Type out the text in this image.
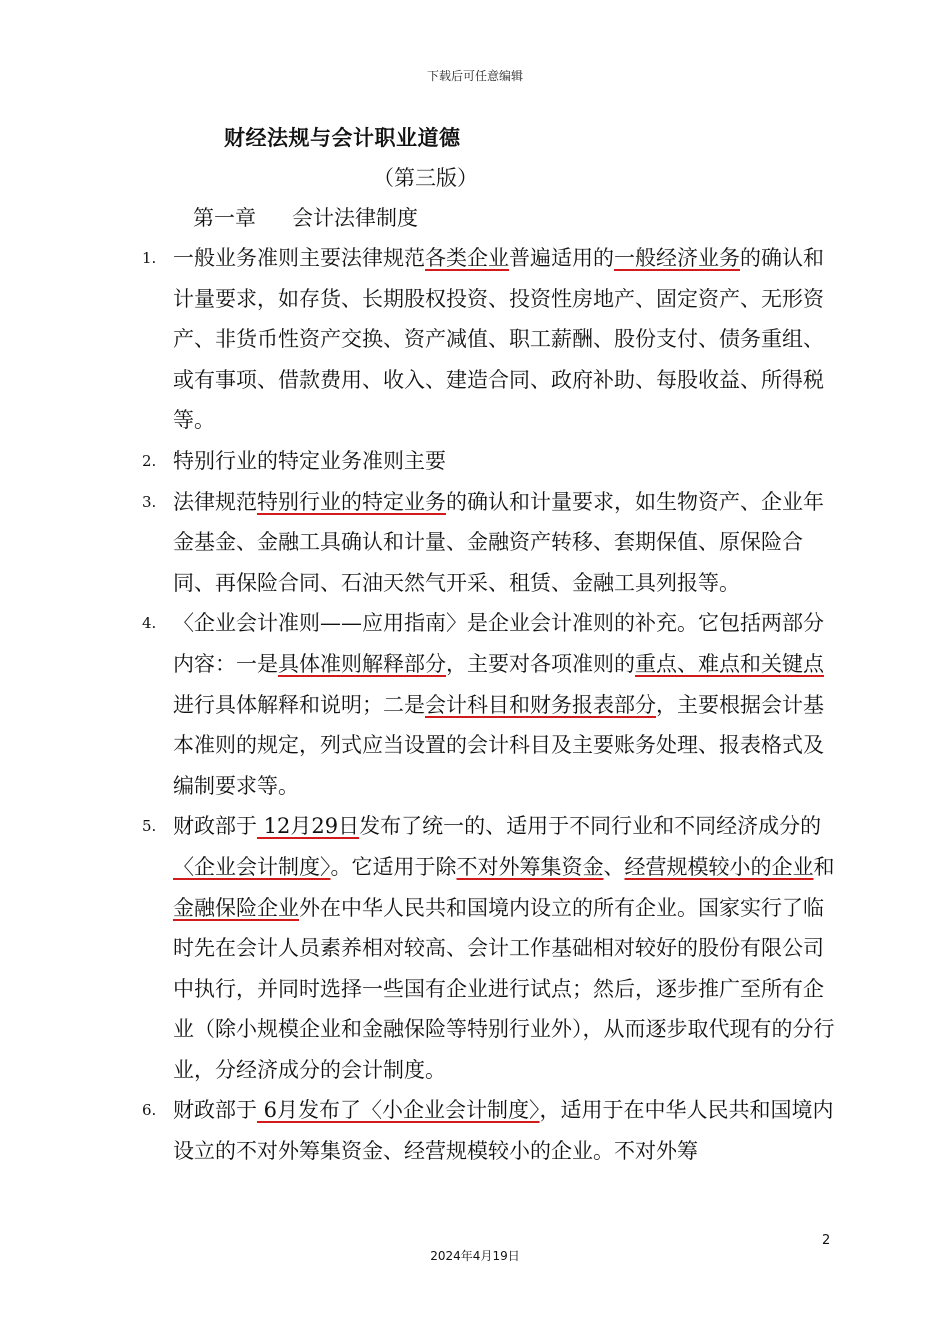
下载后可任意编辑
财经法规与会计职业道德
（第三版）
第一章 会计法律制度
1. 一般业务准则主要法律规范各类企业普遍适用的一般经济业务的确认和计量要求，如存货、长期股权投资、投资性房地产、固定资产、无形资产、非货币性资产交换、资产减值、职工薪酬、股份支付、债务重组、或有事项、借款费用、收入、建造合同、政府补助、每股收益、所得税等。
2. 特别行业的特定业务准则主要
3. 法律规范特别行业的特定业务的确认和计量要求，如生物资产、企业年金基金、金融工具确认和计量、金融资产转移、套期保值、原保险合同、再保险合同、石油天然气开采、租赁、金融工具列报等。
4. 〈企业会计准则——应用指南〉是企业会计准则的补充。它包括两部分内容：一是具体准则解释部分，主要对各项准则的重点、难点和关键点进行具体解释和说明；二是会计科目和财务报表部分，主要根据会计基本准则的规定，列式应当设置的会计科目及主要账务处理、报表格式及编制要求等。
5. 财政部于 12月29日发布了统一的、适用于不同行业和不同经济成分的〈企业会计制度〉。它适用于除不对外筹集资金、经营规模较小的企业和金融保险企业外在中华人民共和国境内设立的所有企业。国家实行了临时先在会计人员素养相对较高、会计工作基础相对较好的股份有限公司中执行，并同时选择一些国有企业进行试点；然后，逐步推广至所有企业（除小规模企业和金融保险等特别行业外），从而逐步取代现有的分行业，分经济成分的会计制度。
6. 财政部于 6月发布了〈小企业会计制度〉，适用于在中华人民共和国境内设立的不对外筹集资金、经营规模较小的企业。不对外筹
2
2024年4月19日
